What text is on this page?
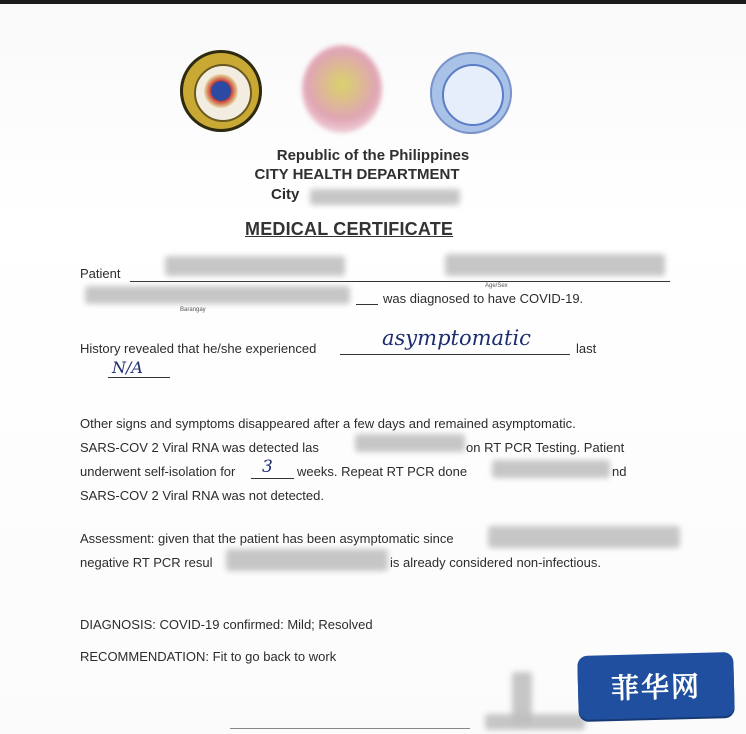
Republic of the Philippines
CITY HEALTH DEPARTMENT
City
MEDICAL CERTIFICATE
Patient
Age/Sex
Barangay
was diagnosed to have COVID-19.
History revealed that he/she experienced	asymptomatic	last
N/A
Other signs and symptoms disappeared after a few days and remained asymptomatic.
SARS-COV 2 Viral RNA was detected las	on RT PCR Testing. Patient
underwent self-isolation for 3 weeks. Repeat RT PCR done	nd
SARS-COV 2 Viral RNA was not detected.
Assessment: given that the patient has been asymptomatic since
negative RT PCR resul	is already considered non-infectious.
DIAGNOSIS: COVID-19 confirmed: Mild; Resolved
RECOMMENDATION: Fit to go back to work
菲华网
